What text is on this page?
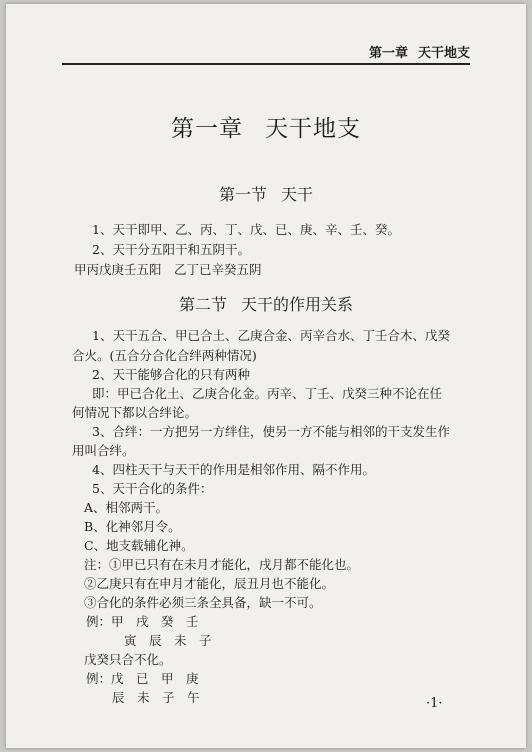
第一章 天干地支
第一章 天干地支
第一节 天干
1、天干即甲、乙、丙、丁、戊、已、庚、辛、壬、癸。
2、天干分五阳干和五阴干。
甲丙戊庚壬五阳　乙丁已辛癸五阴
第二节 天干的作用关系
1、天干五合、甲已合土、乙庚合金、丙辛合水、丁壬合木、戊癸
合火。(五合分合化合绊两种情况)
2、天干能够合化的只有两种
即：甲已合化土、乙庚合化金。丙辛、丁壬、戊癸三种不论在任
何情况下都以合绊论。
3、合绊：一方把另一方绊住，使另一方不能与相邻的干支发生作
用叫合绊。
4、四柱天干与天干的作用是相邻作用、隔不作用。
5、天干合化的条件：
A、相邻两干。
B、化神邻月令。
C、地支载辅化神。
注：①甲已只有在未月才能化，戌月都不能化也。
②乙庚只有在申月才能化，辰丑月也不能化。
③合化的条件必须三条全具备，缺一不可。
例：甲　戌　癸　壬
寅　辰　未　子
戊癸只合不化。
例：戊　已　甲　庚
辰　未　子　午	·1·
